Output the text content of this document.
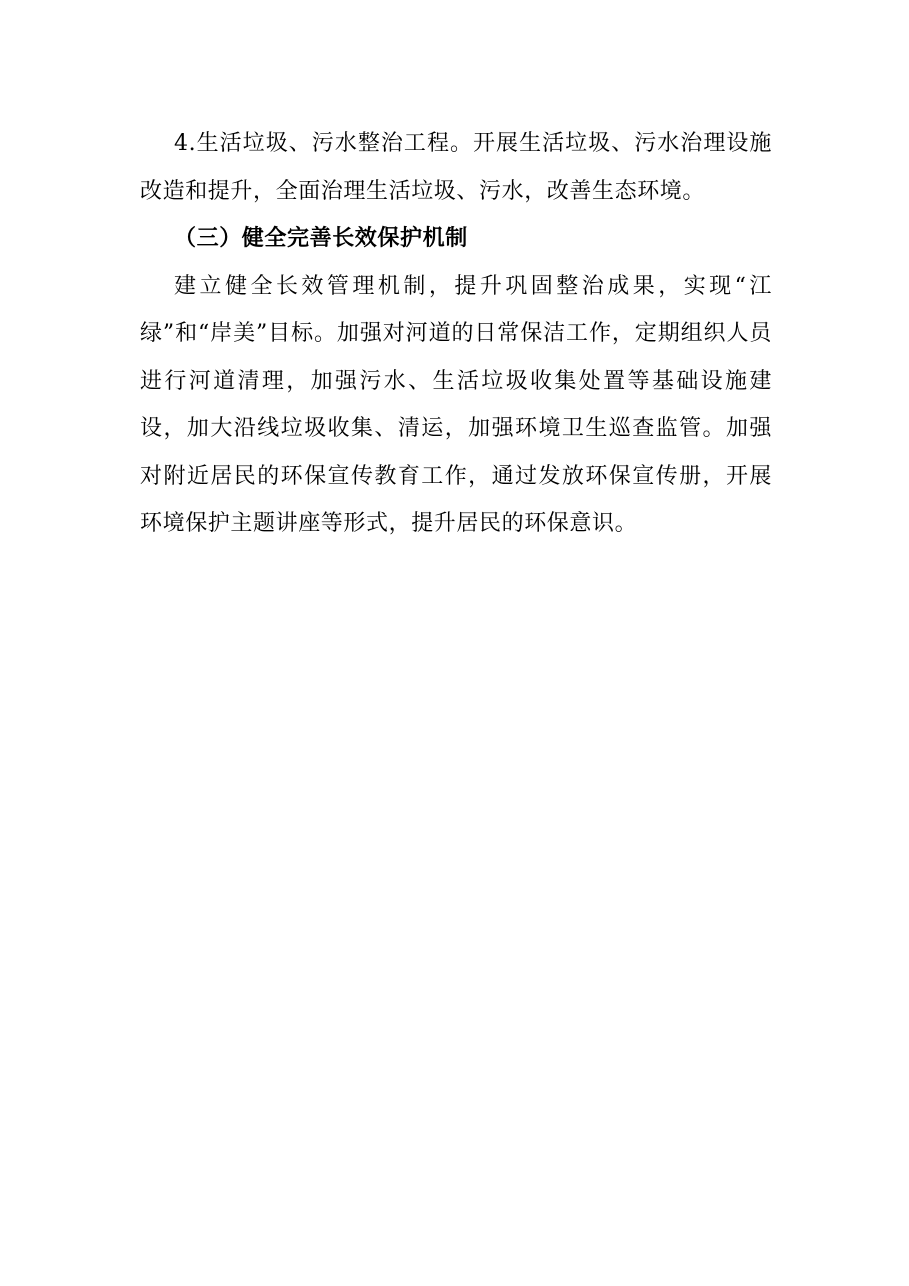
4.生活垃圾、污水整治工程。开展生活垃圾、污水治理设施改造和提升，全面治理生活垃圾、污水，改善生态环境。

（三）健全完善长效保护机制

建立健全长效管理机制，提升巩固整治成果，实现“江绿”和“岸美”目标。加强对河道的日常保洁工作，定期组织人员进行河道清理，加强污水、生活垃圾收集处置等基础设施建设，加大沿线垃圾收集、清运，加强环境卫生巡查监管。加强对附近居民的环保宣传教育工作，通过发放环保宣传册，开展环境保护主题讲座等形式，提升居民的环保意识。
